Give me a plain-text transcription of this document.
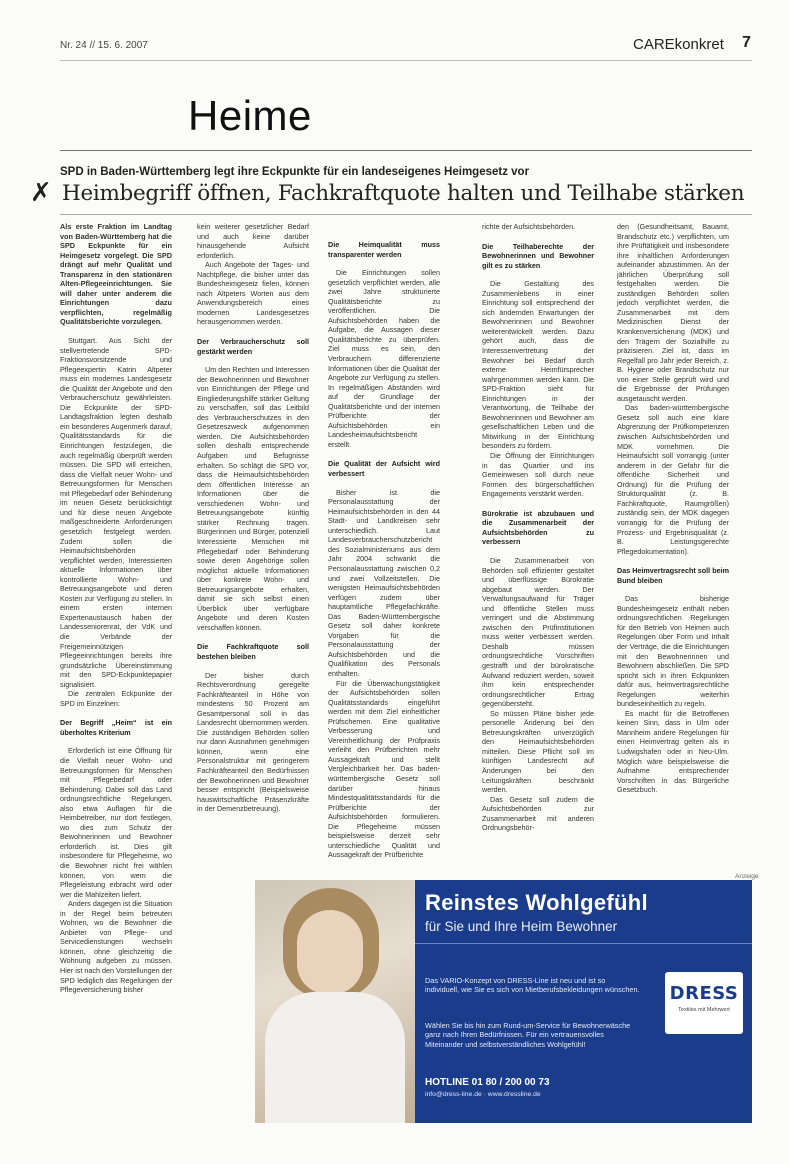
Nr. 24 // 15. 6. 2007	CAREkonkret 7
Heime
SPD in Baden-Württemberg legt ihre Eckpunkte für ein landeseigenes Heimgesetz vor
✗ Heimbegriff öffnen, Fachkraftquote halten und Teilhabe stärken

Als erste Fraktion im Landtag von Baden-Württemberg hat die SPD Eckpunkte für ein Heimgesetz vorgelegt. Die SPD drängt auf mehr Qualität und Transparenz in den stationären Alten-Pflegeeinrichtungen. Sie will daher unter anderem die Einrichtungen dazu verpflichten, regelmäßig Qualitätsberichte vorzulegen.

Stuttgart. Aus Sicht der stellvertretende SPD-Fraktionsvorsitzende und Pflegeexpertin Katrin Altpeter muss ein modernes Landesgesetz die Qualität der Angebote und den Verbraucherschutz gewährleisten. Die Eckpunkte der SPD-Landtagsfraktion legten deshalb ein besonderes Augenmerk darauf, Qualitätsstandards für die Einrichtungen festzulegen, die auch regelmäßig überprüft werden müssen. Die SPD will erreichen, dass die Vielfalt neuer Wohn- und Betreuungsformen für Menschen mit Pflegebedarf oder Behinderung im neuen Gesetz berücksichtigt und für diese neuen Angebote maßgeschneiderte Anforderungen gesetzlich festgelegt werden. Zudem sollen die Heimaufsichtsbehörden verpflichtet werden, Interessierten aktuelle Informationen über kontrollierte Wohn- und Betreuungsangebote und deren Kosten zur Verfügung zu stellen. In einem ersten internen Expertenaustausch haben der Landesseniorenrat, der VdK und die Verbände der Freigemeinnützigen Pflegeeinrichtungen bereits ihre grundsätzliche Übereinstimmung mit den SPD-Eckpunktepapier signalisiert.

Die zentralen Eckpunkte der SPD im Einzelnen:

Der Begriff „Heim“ ist ein überholtes Kriterium

Erforderlich ist eine Öffnung für die Vielfalt neuer Wohn- und Betreuungsformen für Menschen mit Pflegebedarf oder Behinderung. Dabei soll das Land ordnungsrechtliche Regelungen, also etwa Auflagen für die Heimbetreiber, nur dort festlegen, wo dies zum Schutz der Bewohnerinnen und Bewohner erforderlich ist. Dies gilt insbesondere für Pflegeheime, wo die Bewohner nicht frei wählen können, von wem die Pflegeleistung erbracht wird oder wer die Mahlzeiten liefert.

Anders dagegen ist die Situation in der Regel beim betreuten Wohnen, wo die Bewohner die Anbieter von Pflege- und Servicedienstungen wechseln können, ohne gleichzeitig die Wohnung aufgeben zu müssen. Hier ist nach den Vorstellungen der SPD lediglich das Regelungen der Pflegeversicherung bisher

kein weiterer gesetzlicher Bedarf und auch keine darüber hinausgehende Aufsicht erforderlich.

Auch Angebote der Tages- und Nachtpflege, die bisher unter das Bundesheimgesetz fielen, können nach Altpeters Worten aus dem Anwendungsbereich eines modernen Landesgesetzes herausgenommen werden.

Der Verbraucherschutz soll gestärkt werden

Um den Rechten und Interessen der Bewohnerinnen und Bewohner von Einrichtungen der Pflege und Eingliederungshilfe stärker Geltung zu verschaffen, soll das Leitbild des Verbraucherschutzes in den Gesetzeszweck aufgenommen werden. Die Aufsichtsbehörden sollen deshalb entsprechende Aufgaben und Befugnisse erhalten. So schlägt die SPD vor, dass die Heimaufsichtsbehörden dem öffentlichen Interesse an Informationen über die verschiedenen Wohn- und Betreuungsangebote künftig stärker Rechnung tragen. Bürgerinnen und Bürger, potenziell Interessierte Menschen mit Pflegebedarf oder Behinderung sowie deren Angehörige sollen möglichst aktuelle Informationen über konkrete Wohn- und Betreuungsangebote erhalten, damit sie sich selbst einen Überblick über verfügbare Angebote und deren Kosten verschaffen können.

Die Fachkraftquote soll bestehen bleiben

Der bisher durch Rechtsverordnung geregelte Fachkräfteanteil in Höhe von mindestens 50 Prozent am Gesamtpersonal soll in das Landesrecht übernommen werden. Die zuständigen Behörden sollen nur dann Ausnahmen genehmigen können, wenn eine Personalstruktur mit geringerem Fachkräfteanteil den Bedürfnissen der Bewohnerinnen und Bewohner besser entspricht (Beispielsweise hauswirtschaftliche Präsenzkräfte in der Demenzbetreuung).

Die Heimqualität muss transparenter werden

Die Einrichtungen sollen gesetzlich verpflichtet werden, alle zwei Jahre strukturierte Qualitätsberichte zu veröffentlichen. Die Aufsichtsbehörden haben die Aufgabe, die Aussagen dieser Qualitätsberichte zu überprüfen. Ziel muss es sein, den Verbrauchern differenzierte Informationen über die Qualität der Angebote zur Verfügung zu stellen. In regelmäßigen Abständen wird auf der Grundlage der Qualitätsberichte und der internen Prüfberichte der Aufsichtsbehörden ein Landesheimaufsichtsbericht erstellt.

Die Qualität der Aufsicht wird verbessert

Bisher ist die Personalausstattung der Heimaufsichtsbehörden in den 44 Stadt- und Landkreisen sehr unterschiedlich. Laut Landesverbraucherschutzbericht des Sozialministeriums aus dem Jahr 2004 schwankt die Personalausstattung zwischen 0,2 und zwei Vollzeitstellen. Die wenigsten Heimaufsichtsbehörden verfügen zudem über hauptamtliche Pflegefachkräfte. Das Baden-Württembergische Gesetz soll daher konkrete Vorgaben für die Personalausstattung der Aufsichtsbehörden und die Qualifikation des Personals enthalten.

Für die Überwachungstätigkeit der Aufsichtsbehörden sollen Qualitätsstandards eingeführt werden mit dem Ziel einheitlicher Prüfschemen. Eine qualitative Verbesserung und Vereinheitlichung der Prüfpraxis verleiht den Prüfberichten mehr Aussagekraft und stellt Vergleichbarkeit her. Das baden-württembergische Gesetz soll darüber hinaus Mindestqualitätsstandards für die Prüfberichte der Aufsichtsbehörden formulieren. Die Pflegeheime müssen beispielsweise derzeit sehr unterschiedliche Qualität und Aussagekraft der Prüfberichte

richte der Aufsichtsbehörden.

Die Teilhaberechte der Bewohnerinnen und Bewohner gilt es zu stärken

Die Gestaltung des Zusammenlebens in einer Einrichtung soll entsprechend der sich ändernden Erwartungen der Bewohnerinnen und Bewohner weiterentwickelt werden. Dazu gehört auch, dass die Interessenvertretung der Bewohner bei Bedarf durch externe Heimfürsprecher wahrgenommen werden kann. Die SPD-Fraktion sieht für Einrichtungen in der Verantwortung, die Teilhabe der Bewohnerinnen und Bewohner am gesellschaftlichen Leben und die Mitwirkung in der Einrichtung besonders zu fördern.

Die Öffnung der Einrichtungen in das Quartier und ins Gemeinwesen soll durch neue Formen des bürgerschaftlichen Engagements verstärkt werden.

Bürokratie ist abzubauen und die Zusammenarbeit der Aufsichtsbehörden zu verbessern

Die Zusammenarbeit von Behörden soll effizienter gestaltet und überflüssige Bürokratie abgebaut werden. Der Verwaltungsaufwand für Träger und öffentliche Stellen muss verringert und die Abstimmung zwischen den Prüfinstitutionen muss weiter verbessert werden. Deshalb müssen ordnungsrechtliche Vorschriften gestrafft und der bürokratische Aufwand reduziert werden, soweit ihm kein entsprechender ordnungsrechtlicher Ertrag gegenübersteht.

So müssen Pläne bisher jede personelle Änderung bei den Betreuungskräften unverzüglich den Heimaufsichtsbehörden mitteilen. Diese Pflicht soll im künftigen Landesrecht auf Änderungen bei den Leitungskräften beschränkt werden.

Das Gesetz soll zudem die Aufsichtsbehörden zur Zusammenarbeit mit anderen Ordnungsbehör-

den (Gesundheitsamt, Bauamt, Brandschutz etc.) verpflichten, um ihre Prüftätigkeit und insbesondere ihre inhaltlichen Anforderungen aufeinander abzustimmen. An der jährlichen Überprüfung soll festgehalten werden. Die zuständigen Behörden sollen jedoch verpflichtet werden, die Zusammenarbeit mit dem Medizinischen Dienst der Krankenversicherung (MDK) und den Trägern der Sozialhilfe zu präzisieren. Ziel ist, dass im Regelfall pro Jahr jeder Bereich, z. B. Hygiene oder Brandschutz nur von einer Stelle geprüft wird und die Ergebnisse der Prüfungen ausgetauscht werden.

Das baden-württembergische Gesetz soll auch eine klare Abgrenzung der Prüfkompetenzen zwischen Aufsichtsbehörden und MDK vornehmen. Die Heimaufsicht soll vorrangig (unter anderem in der Gefahr für die öffentliche Sicherheit und Ordnung) für die Prüfung der Strukturqualität (z. B. Fachkraftquote, Raumgrößen) zuständig sein, der MDK dagegen vorrangig für die Prüfung der Prozess- und Ergebnisqualität (z. B. Leistungsgerechte Pflegedokumentation).

Das Heimvertragsrecht soll beim Bund bleiben

Das bisherige Bundesheimgesetz enthält neben ordnungsrechtlichen Regelungen für den Betrieb von Heimen auch Regelungen über Form und Inhalt der Verträge, die die Einrichtungen mit den Bewohnerinnen und Bewohnern abschließen. Die SPD spricht sich in ihren Eckpunkten dafür aus, heimvertragsrechtliche Regelungen weiterhin bundeseinheitlich zu regeln.

Es macht für die Betroffenen keinen Sinn, dass in Ulm oder Mannheim andere Regelungen für einen Heimvertrag gelten als in Ludwigshafen oder in Neu-Ulm. Möglich wäre beispielsweise die Aufnahme entsprechender Vorschriften in das Bürgerliche Gesetzbuch.

Anzeige
Reinstes Wohlgefühl
für Sie und Ihre Heim Bewohner
Das VARIO-Konzept von DRESS-Line ist neu und ist so individuell, wie Sie es sich von Mietberufsbekleidungen wünschen.
Wählen Sie bis hin zum Rund-um-Service für Bewohnerwäsche ganz nach Ihren Bedürfnissen. Für ein vertrauensvolles Miteinander und selbstverständliches Wohlgefühl!
HOTLINE 01 80 / 200 00 73
info@dress-line.de · www.dressline.de
DRESS
Textiles mit Mehrwert
